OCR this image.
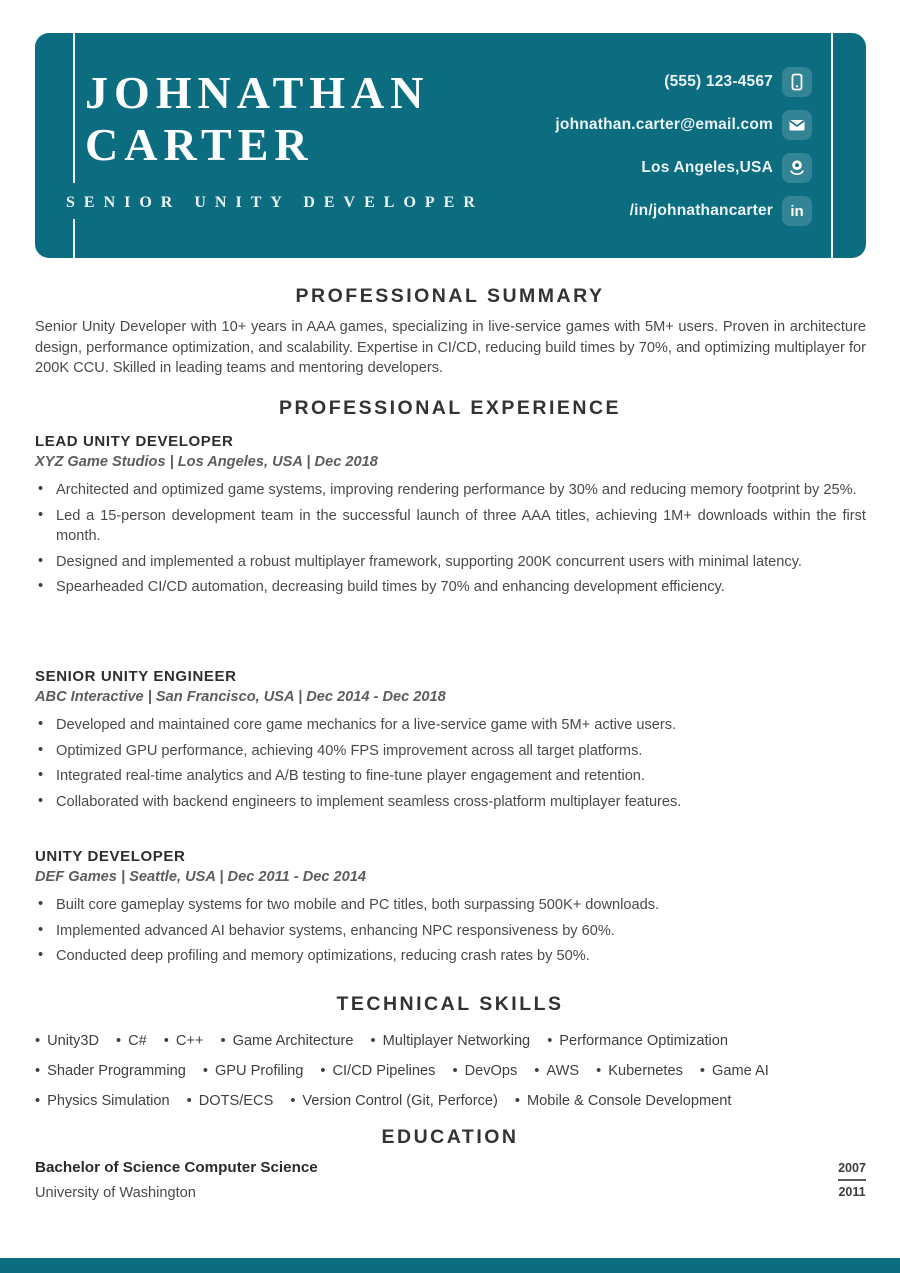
JOHNATHAN
CARTER
SENIOR UNITY DEVELOPER
(555) 123-4567
johnathan.carter@email.com
Los Angeles,USA
/in/johnathancarter in
PROFESSIONAL SUMMARY
Senior Unity Developer with 10+ years in AAA games, specializing in live-service games with 5M+ users. Proven in architecture design, performance optimization, and scalability. Expertise in CI/CD, reducing build times by 70%, and optimizing multiplayer for 200K CCU. Skilled in leading teams and mentoring developers.
PROFESSIONAL EXPERIENCE
LEAD UNITY DEVELOPER
XYZ Game Studios | Los Angeles, USA | Dec 2018
• Architected and optimized game systems, improving rendering performance by 30% and reducing memory footprint by 25%.
• Led a 15-person development team in the successful launch of three AAA titles, achieving 1M+ downloads within the first month.
• Designed and implemented a robust multiplayer framework, supporting 200K concurrent users with minimal latency.
• Spearheaded CI/CD automation, decreasing build times by 70% and enhancing development efficiency.
SENIOR UNITY ENGINEER
ABC Interactive | San Francisco, USA | Dec 2014 - Dec 2018
• Developed and maintained core game mechanics for a live-service game with 5M+ active users.
• Optimized GPU performance, achieving 40% FPS improvement across all target platforms.
• Integrated real-time analytics and A/B testing to fine-tune player engagement and retention.
• Collaborated with backend engineers to implement seamless cross-platform multiplayer features.
UNITY DEVELOPER
DEF Games | Seattle, USA | Dec 2011 - Dec 2014
• Built core gameplay systems for two mobile and PC titles, both surpassing 500K+ downloads.
• Implemented advanced AI behavior systems, enhancing NPC responsiveness by 60%.
• Conducted deep profiling and memory optimizations, reducing crash rates by 50%.
TECHNICAL SKILLS
• Unity3D • C# • C++ • Game Architecture • Multiplayer Networking • Performance Optimization
• Shader Programming • GPU Profiling • CI/CD Pipelines • DevOps • AWS • Kubernetes • Game AI
• Physics Simulation • DOTS/ECS • Version Control (Git, Perforce) • Mobile & Console Development
EDUCATION
Bachelor of Science Computer Science
University of Washington
2007
2011
